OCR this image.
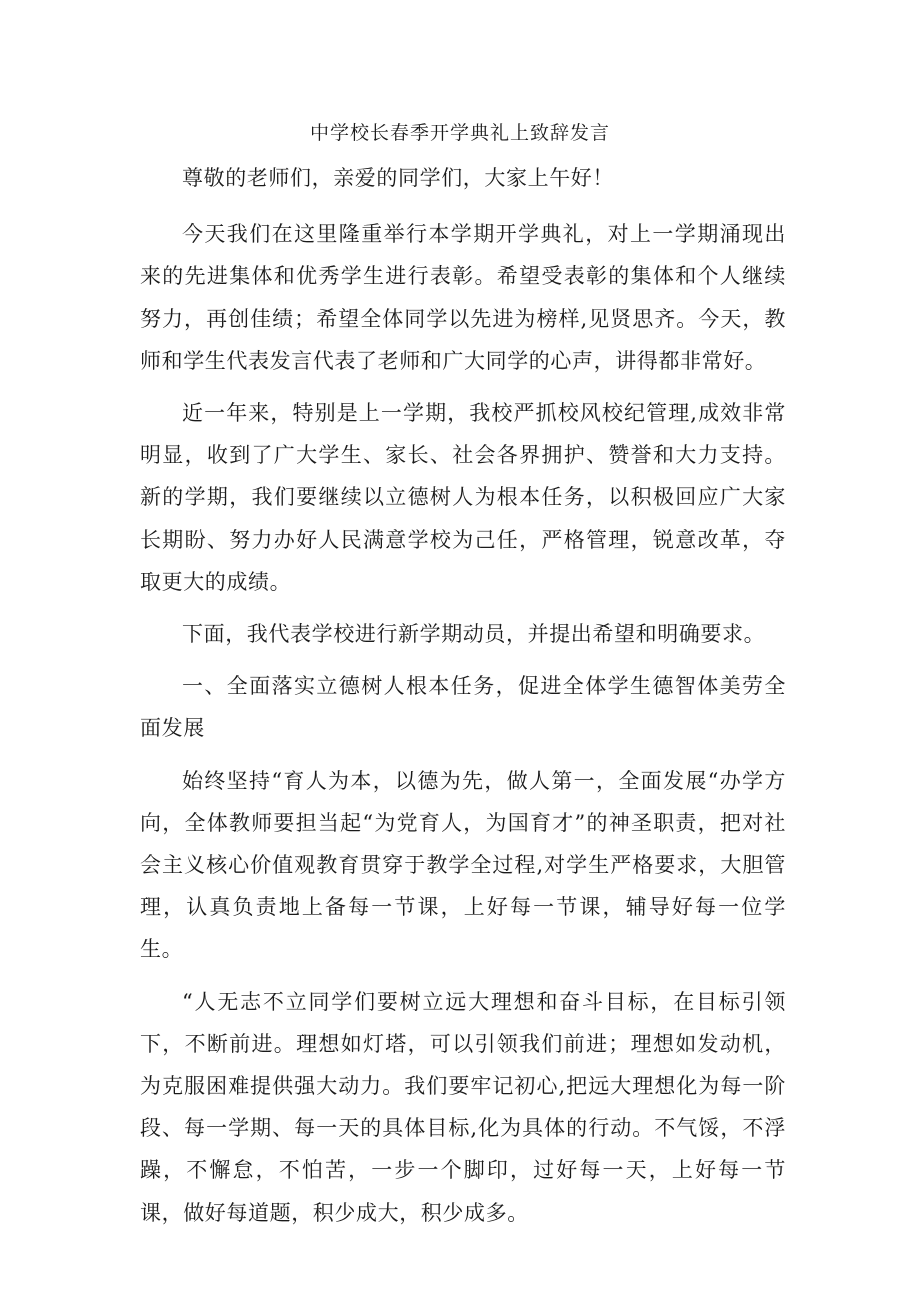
中学校长春季开学典礼上致辞发言

尊敬的老师们，亲爱的同学们，大家上午好！

今天我们在这里隆重举行本学期开学典礼，对上一学期涌现出来的先进集体和优秀学生进行表彰。希望受表彰的集体和个人继续努力，再创佳绩；希望全体同学以先进为榜样,见贤思齐。今天，教师和学生代表发言代表了老师和广大同学的心声，讲得都非常好。

近一年来，特别是上一学期，我校严抓校风校纪管理,成效非常明显，收到了广大学生、家长、社会各界拥护、赞誉和大力支持。新的学期，我们要继续以立德树人为根本任务，以积极回应广大家长期盼、努力办好人民满意学校为己任，严格管理，锐意改革，夺取更大的成绩。

下面，我代表学校进行新学期动员，并提出希望和明确要求。

一、全面落实立德树人根本任务，促进全体学生德智体美劳全面发展

始终坚持“育人为本，以德为先，做人第一，全面发展“办学方向，全体教师要担当起“为党育人，为国育才”的神圣职责，把对社会主义核心价值观教育贯穿于教学全过程,对学生严格要求，大胆管理，认真负责地上备每一节课，上好每一节课，辅导好每一位学生。

“人无志不立同学们要树立远大理想和奋斗目标，在目标引领下，不断前进。理想如灯塔，可以引领我们前进；理想如发动机，为克服困难提供强大动力。我们要牢记初心,把远大理想化为每一阶段、每一学期、每一天的具体目标,化为具体的行动。不气馁，不浮躁，不懈怠，不怕苦，一步一个脚印，过好每一天，上好每一节课，做好每道题，积少成大，积少成多。
